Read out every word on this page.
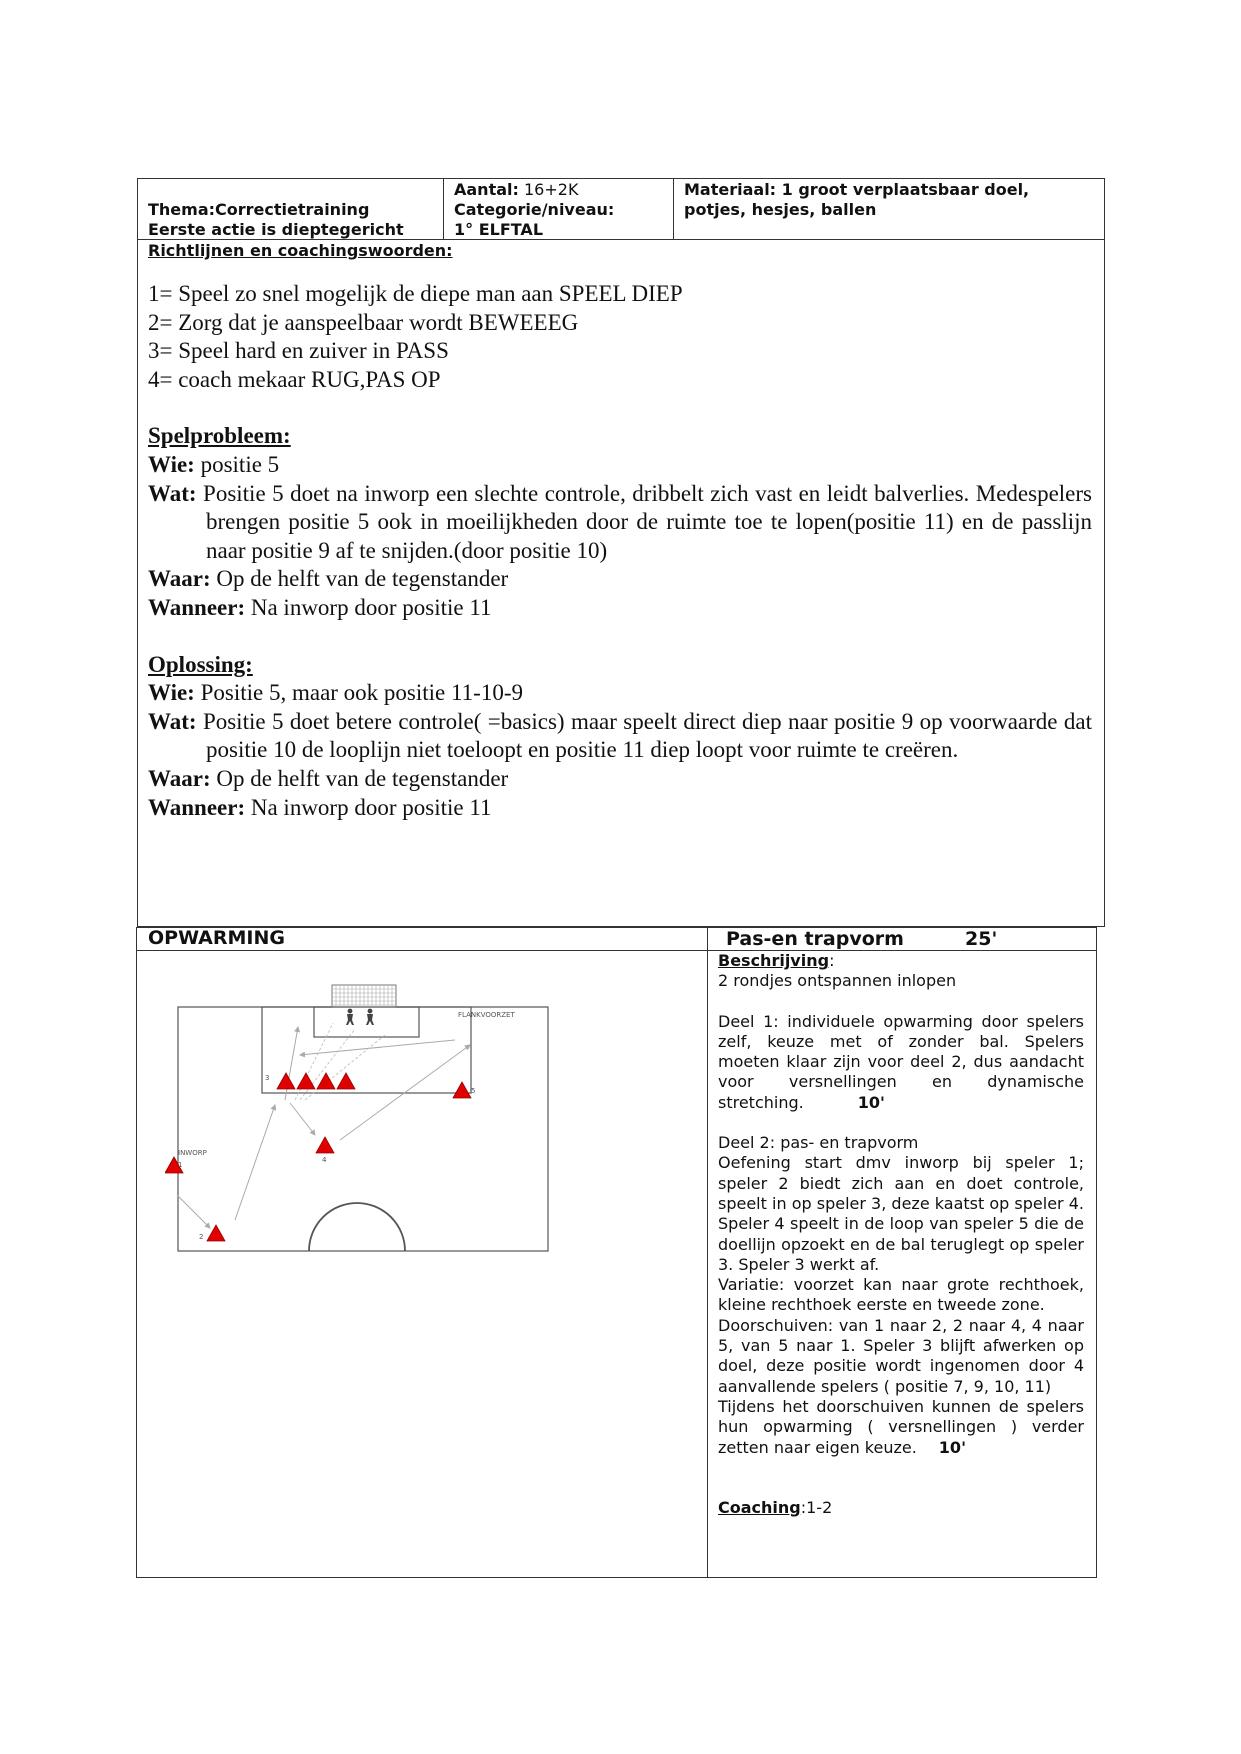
Thema:Correctietraining
Eerste actie is dieptegericht
Aantal: 16+2K
Categorie/niveau:
1° ELFTAL
Materiaal: 1 groot verplaatsbaar doel,
potjes, hesjes, ballen
Richtlijnen en coachingswoorden:
1= Speel zo snel mogelijk de diepe man aan SPEEL DIEP
2= Zorg dat je aanspeelbaar wordt BEWEEEG
3= Speel hard en zuiver in PASS
4= coach mekaar RUG,PAS OP
Spelprobleem:
Wie: positie 5

Wat: Positie 5 doet na inworp een slechte controle, dribbelt zich vast en leidt balverlies. Medespelers brengen positie 5 ook in moeilijkheden door de ruimte toe te lopen(positie 11) en de passlijn naar positie 9 af te snijden.(door positie 10)

Waar: Op de helft van de tegenstander
Wanneer: Na inworp door positie 11
Oplossing:
Wie: Positie 5, maar ook positie 11-10-9

Wat: Positie 5 doet betere controle( =basics) maar speelt direct diep naar positie 9 op voorwaarde dat positie 10 de looplijn niet toeloopt en positie 11 diep loopt voor ruimte te creëren.

Waar: Op de helft van de tegenstander
Wanneer: Na inworp door positie 11
OPWARMING	Pas-en trapvorm	25'

Beschrijving:

2 rondjes ontspannen inlopen

Deel 1: individuele opwarming door spelers zelf, keuze met of zonder bal. Spelers moeten klaar zijn voor deel 2, dus aandacht voor versnellingen en dynamische stretching.	10'

Deel 2: pas- en trapvorm

Oefening start dmv inworp bij speler 1; speler 2 biedt zich aan en doet controle, speelt in op speler 3, deze kaatst op speler 4. Speler 4 speelt in de loop van speler 5 die de doellijn opzoekt en de bal teruglegt op speler 3. Speler 3 werkt af.

Variatie: voorzet kan naar grote rechthoek, kleine rechthoek eerste en tweede zone.

Doorschuiven: van 1 naar 2, 2 naar 4, 4 naar 5, van 5 naar 1. Speler 3 blijft afwerken op doel, deze positie wordt ingenomen door 4 aanvallende spelers ( positie 7, 9, 10, 11)

Tijdens het doorschuiven kunnen de spelers hun opwarming ( versnellingen ) verder zetten naar eigen keuze. 10'

Coaching:1-2

FLANKVOORZET
INWORP
1
2
3
4
5
